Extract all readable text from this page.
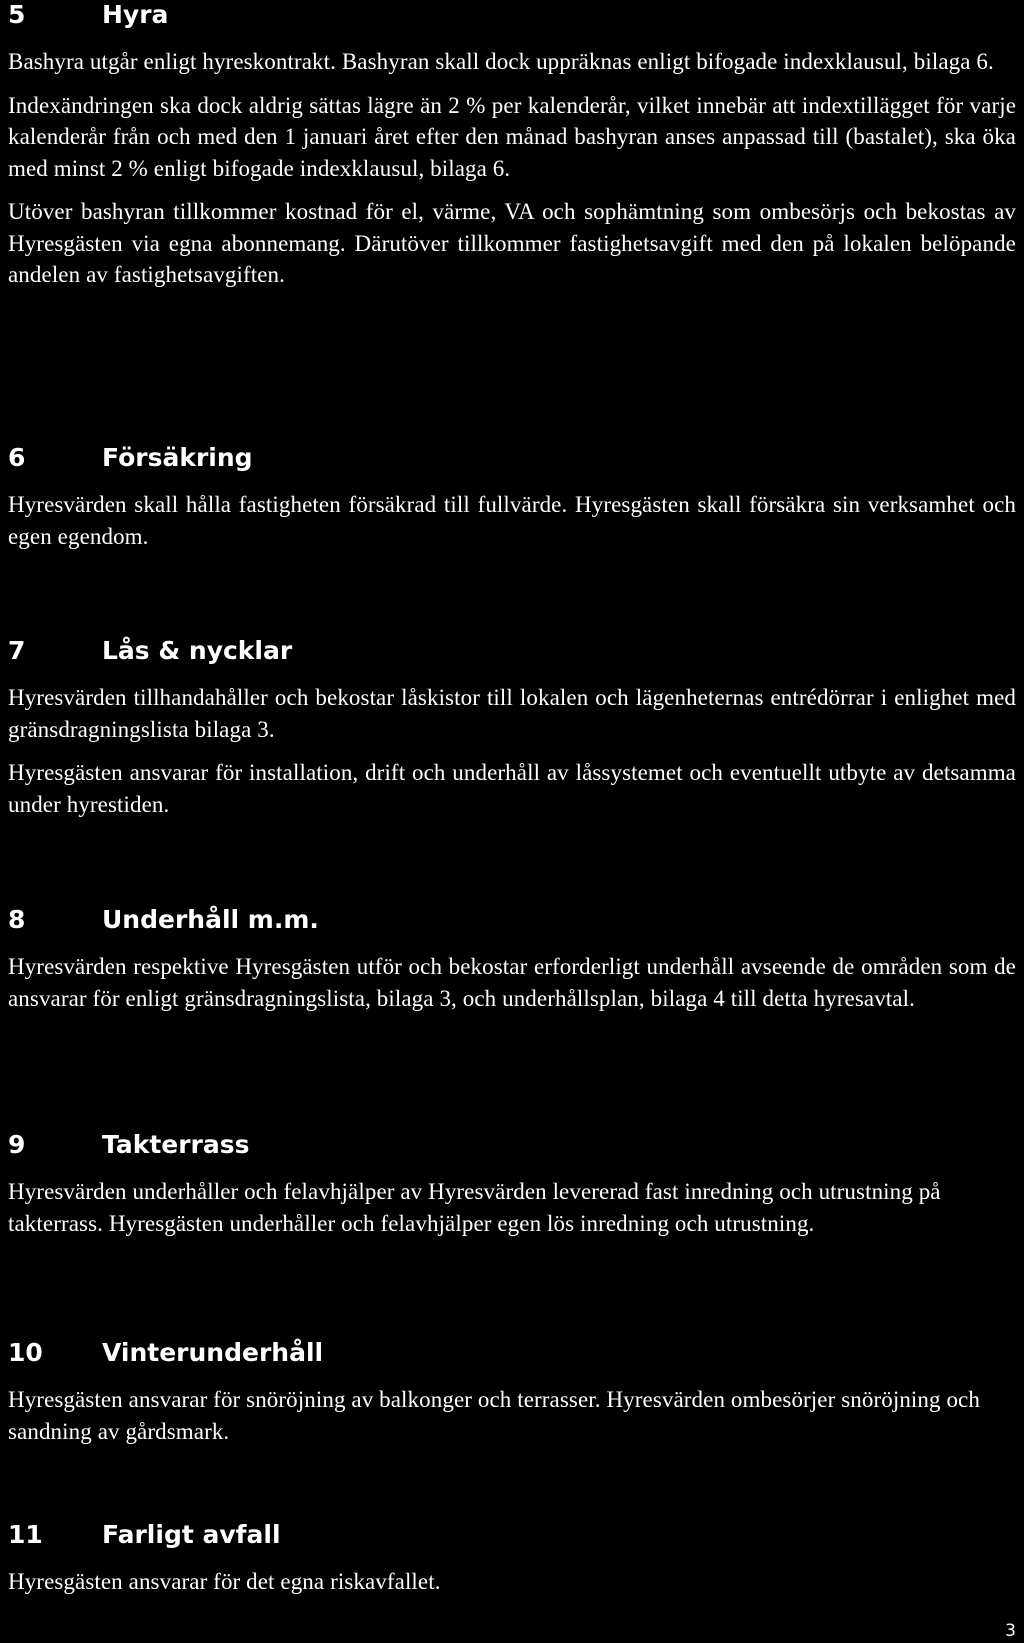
5	Hyra
Bashyra utgår enligt hyreskontrakt. Bashyran skall dock uppräknas enligt bifogade indexklausul, bilaga 6.
Indexändringen ska dock aldrig sättas lägre än 2 % per kalenderår, vilket innebär att indextillägget för varje kalenderår från och med den 1 januari året efter den månad bashyran anses anpassad till (bastalet), ska öka med minst 2 % enligt bifogade indexklausul, bilaga 6.
Utöver bashyran tillkommer kostnad för el, värme, VA och sophämtning som ombesörjs och bekostas av Hyresgästen via egna abonnemang. Därutöver tillkommer fastighetsavgift med den på lokalen belöpande andelen av fastighetsavgiften.
6	Försäkring
Hyresvärden skall hålla fastigheten försäkrad till fullvärde. Hyresgästen skall försäkra sin verksamhet och egen egendom.
7	Lås & nycklar
Hyresvärden tillhandahåller och bekostar låskistor till lokalen och lägenheternas entrédörrar i enlighet med gränsdragningslista bilaga 3.
Hyresgästen ansvarar för installation, drift och underhåll av låssystemet och eventuellt utbyte av detsamma under hyrestiden.
8	Underhåll m.m.
Hyresvärden respektive Hyresgästen utför och bekostar erforderligt underhåll avseende de områden som de ansvarar för enligt gränsdragningslista, bilaga 3, och underhållsplan, bilaga 4 till detta hyresavtal.
9	Takterrass
Hyresvärden underhåller och felavhjälper av Hyresvärden levererad fast inredning och utrustning på takterrass. Hyresgästen underhåller och felavhjälper egen lös inredning och utrustning.
10 Vinterunderhåll
Hyresgästen ansvarar för snöröjning av balkonger och terrasser. Hyresvärden ombesörjer snöröjning och sandning av gårdsmark.
11 Farligt avfall
Hyresgästen ansvarar för det egna riskavfallet.
3
